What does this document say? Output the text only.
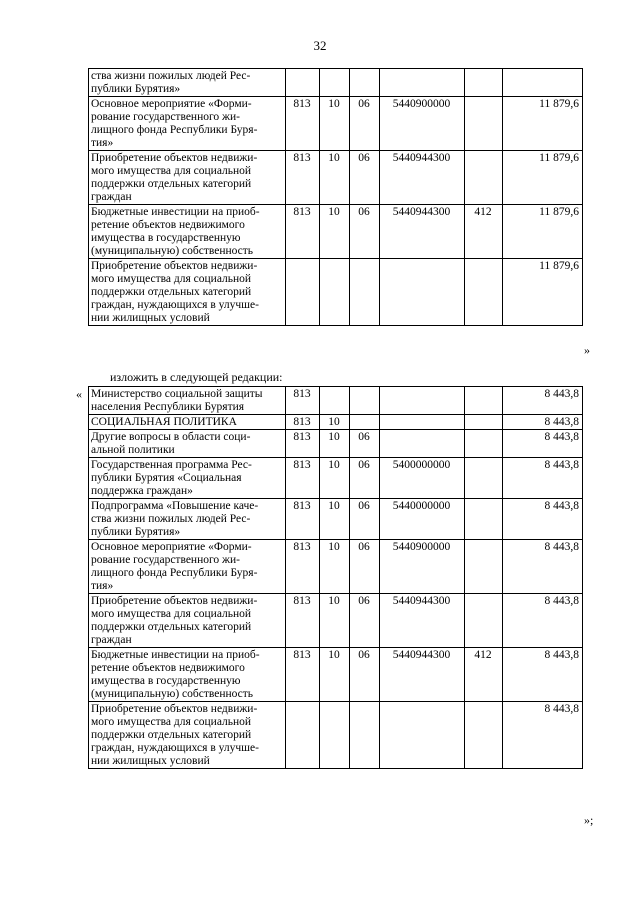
32
ства жизни пожилых людей Рес-
публики Бурятия»						
Основное мероприятие «Форми-
рование государственного жи-
лищного фонда Республики Буря-
тия»	813	10	06	5440900000		11 879,6
Приобретение объектов недвижи-
мого имущества для социальной
поддержки отдельных категорий
граждан	813	10	06	5440944300		11 879,6
Бюджетные инвестиции на приоб-
ретение объектов недвижимого
имущества в государственную
(муниципальную) собственность	813	10	06	5440944300	412	11 879,6
Приобретение объектов недвижи-
мого имущества для социальной
поддержки отдельных категорий
граждан, нуждающихся в улучше-
нии жилищных условий						11 879,6
»
изложить в следующей редакции:
« Министерство социальной защиты
населения Республики Бурятия	813					8 443,8
СОЦИАЛЬНАЯ ПОЛИТИКА	813	10				8 443,8
Другие вопросы в области соци-
альной политики	813	10	06			8 443,8
Государственная программа Рес-
публики Бурятия «Социальная
поддержка граждан»	813	10	06	5400000000		8 443,8
Подпрограмма «Повышение каче-
ства жизни пожилых людей Рес-
публики Бурятия»	813	10	06	5440000000		8 443,8
Основное мероприятие «Форми-
рование государственного жи-
лищного фонда Республики Буря-
тия»	813	10	06	5440900000		8 443,8
Приобретение объектов недвижи-
мого имущества для социальной
поддержки отдельных категорий
граждан	813	10	06	5440944300		8 443,8
Бюджетные инвестиции на приоб-
ретение объектов недвижимого
имущества в государственную
(муниципальную) собственность	813	10	06	5440944300	412	8 443,8
Приобретение объектов недвижи-
мого имущества для социальной
поддержки отдельных категорий
граждан, нуждающихся в улучше-
нии жилищных условий						8 443,8
»;
